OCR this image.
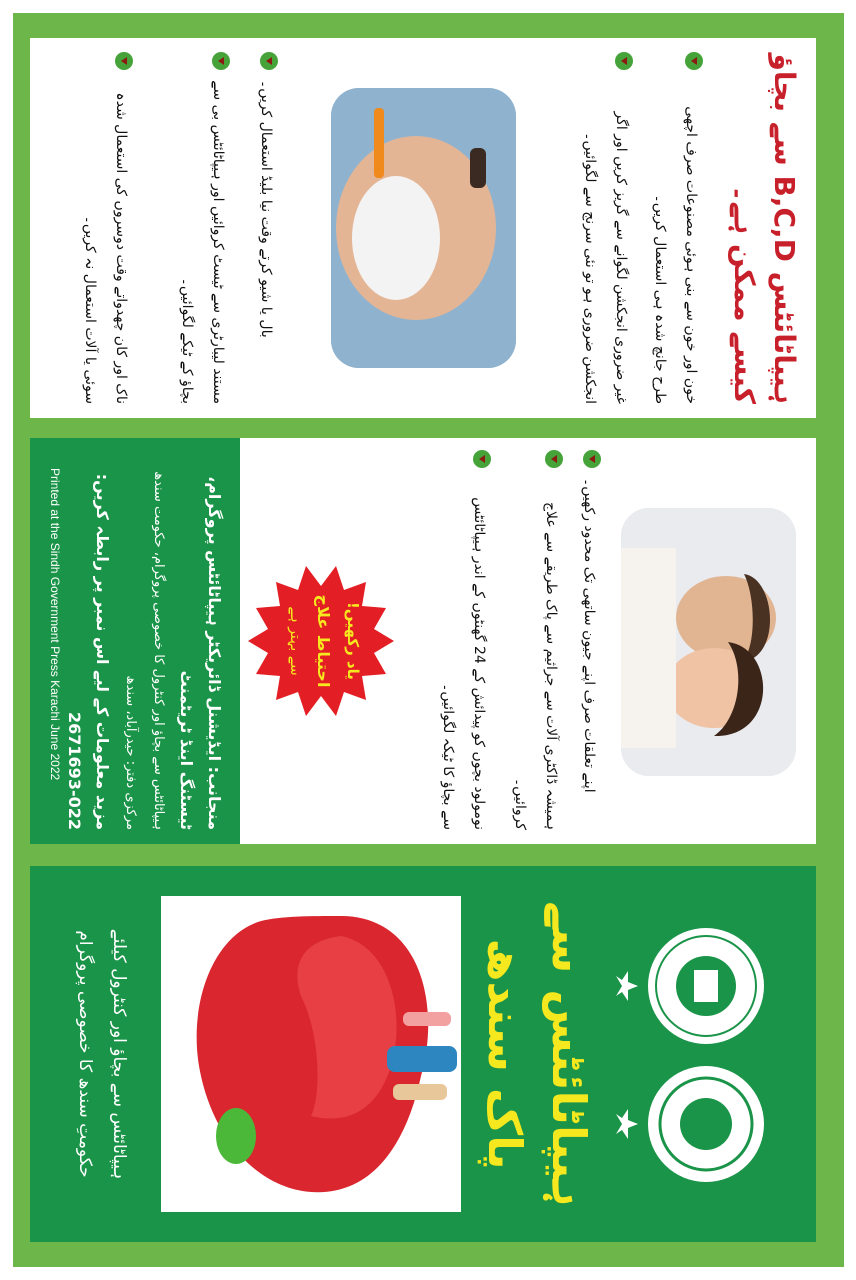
ہیپاٹائٹس سے
پاک سندھ
ہیپاٹائٹس سے بچاؤ اور کنٹرول کیلئے
حکومتِ سندھ کا خصوصی پروگرام
اپنے تعلقات صرف اپنے جیون ساتھی تک محدود رکھیں۔
ہمیشہ ڈاکٹری آلات سے جراثیم سے پاک طریقے سے علاج کروائیں۔
نومولود بچوں کو پیدائش کے 24 گھنٹوں کے اندر ہیپاٹائٹس سے بچاؤ کا ٹیکہ لگوائیں۔
یاد رکھیں!
احتیاط علاج
سے بہتر ہے
منجانب: ایڈیشنل ڈائریکٹر ہیپاٹائٹس پروگرام، ٹیسٹنگ اینڈ ٹریٹمنٹ
ہیپاٹائٹس سے بچاؤ اور کنٹرول کا خصوصی پروگرام، حکومت سندھ
مرکزی دفتر: حیدرآباد، سندھ
مزید معلومات کے لیے اس نمبر پر رابطہ کریں: 022-2671693
Printed at the Sindh Government Press Karachi June 2022
ہیپاٹائٹس B,C,D سے بچاؤ کیسے ممکن ہے۔
خون اور خون سے بنی ہوئی مصنوعات صرف اچھی طرح جانچ شدہ ہی استعمال کریں۔
غیر ضروری انجکشن لگوانے سے گریز کریں اور اگر انجکشن ضروری ہو تو نئی سرنج سے لگوائیں۔
بال یا شیو کرتے وقت نیا بلیڈ استعمال کریں۔
مستند لیبارٹری سے ٹیسٹ کروائیں اور ہیپاٹائٹس بی سے بچاؤ کے ٹیکے لگوائیں۔
ناک اور کان چھدواتے وقت دوسروں کی استعمال شدہ سوئی یا آلات استعمال نہ کریں۔
